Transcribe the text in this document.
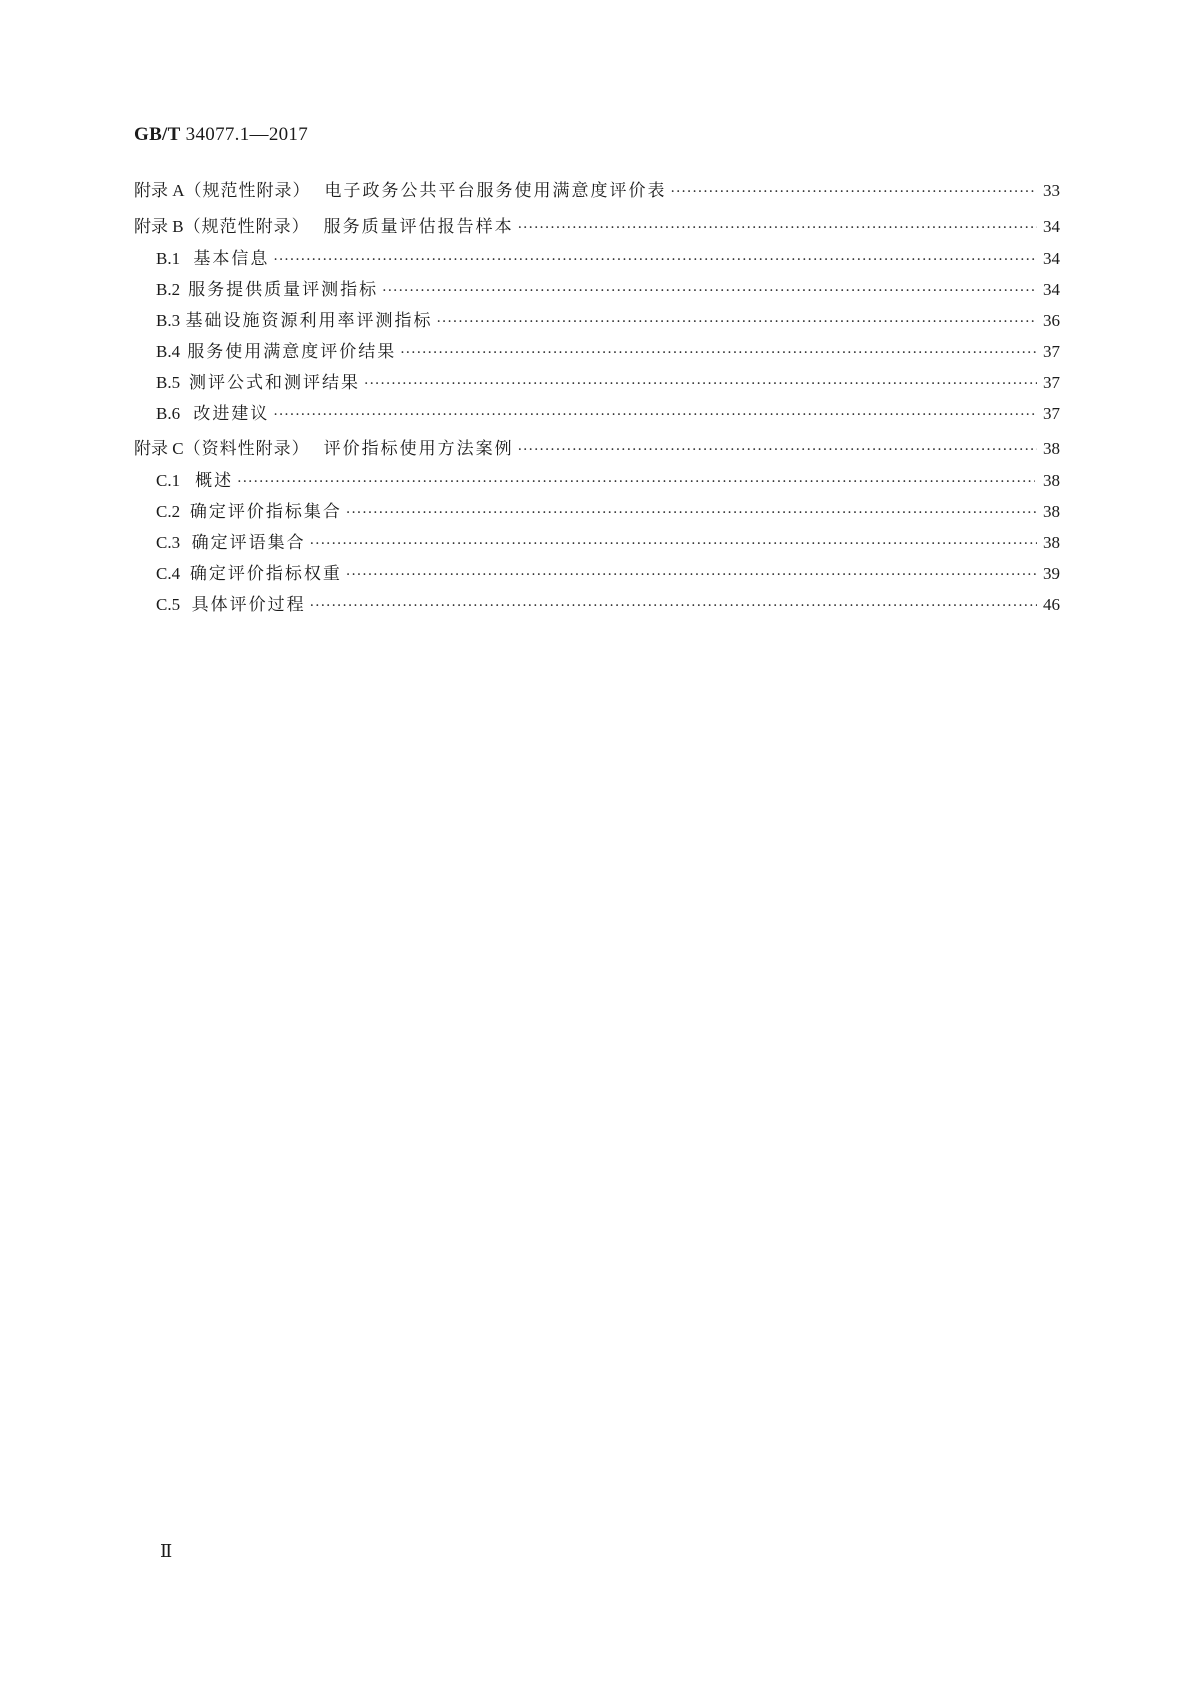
GB/T 34077.1—2017
附录 A （规范性附录） 电子政务公共平台服务使用满意度评价表 ·····	33
附录 B （规范性附录） 服务质量评估报告样本 ·····	34
B.1 基本信息 ·····	34
B.2 服务提供质量评测指标 ·····	34
B.3 基础设施资源利用率评测指标 ·····	36
B.4 服务使用满意度评价结果 ·····	37
B.5 测评公式和测评结果 ·····	37
B.6 改进建议 ·····	37
附录 C （资料性附录） 评价指标使用方法案例 ·····	38
C.1 概述 ·····	38
C.2 确定评价指标集合 ·····	38
C.3 确定评语集合 ·····	38
C.4 确定评价指标权重 ·····	39
C.5 具体评价过程 ·····	46
Ⅱ
